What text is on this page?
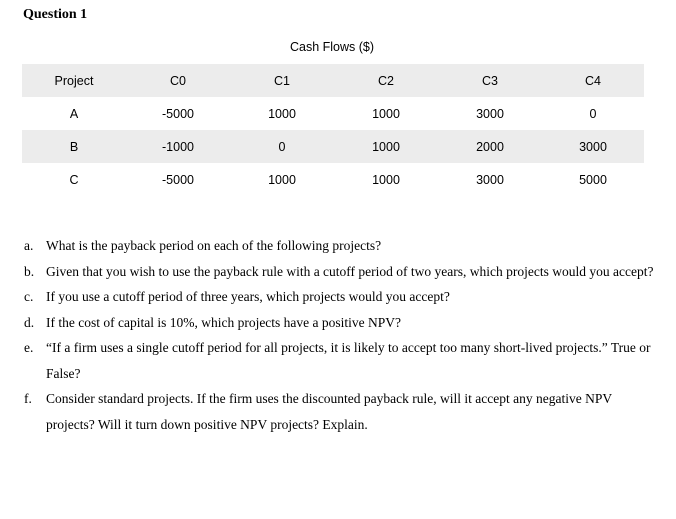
Question 1
Cash Flows ($)
Project	C0	C1	C2	C3	C4
A	-5000	1000	1000	3000	0
B	-1000	0	1000	2000	3000
C	-5000	1000	1000	3000	5000
a. What is the payback period on each of the following projects?
b. Given that you wish to use the payback rule with a cutoff period of two years, which projects would you accept?
c. If you use a cutoff period of three years, which projects would you accept?
d. If the cost of capital is 10%, which projects have a positive NPV?
e. “If a firm uses a single cutoff period for all projects, it is likely to accept too many short-lived projects.” True or False?
f. Consider standard projects. If the firm uses the discounted payback rule, will it accept any negative NPV projects? Will it turn down positive NPV projects? Explain.
